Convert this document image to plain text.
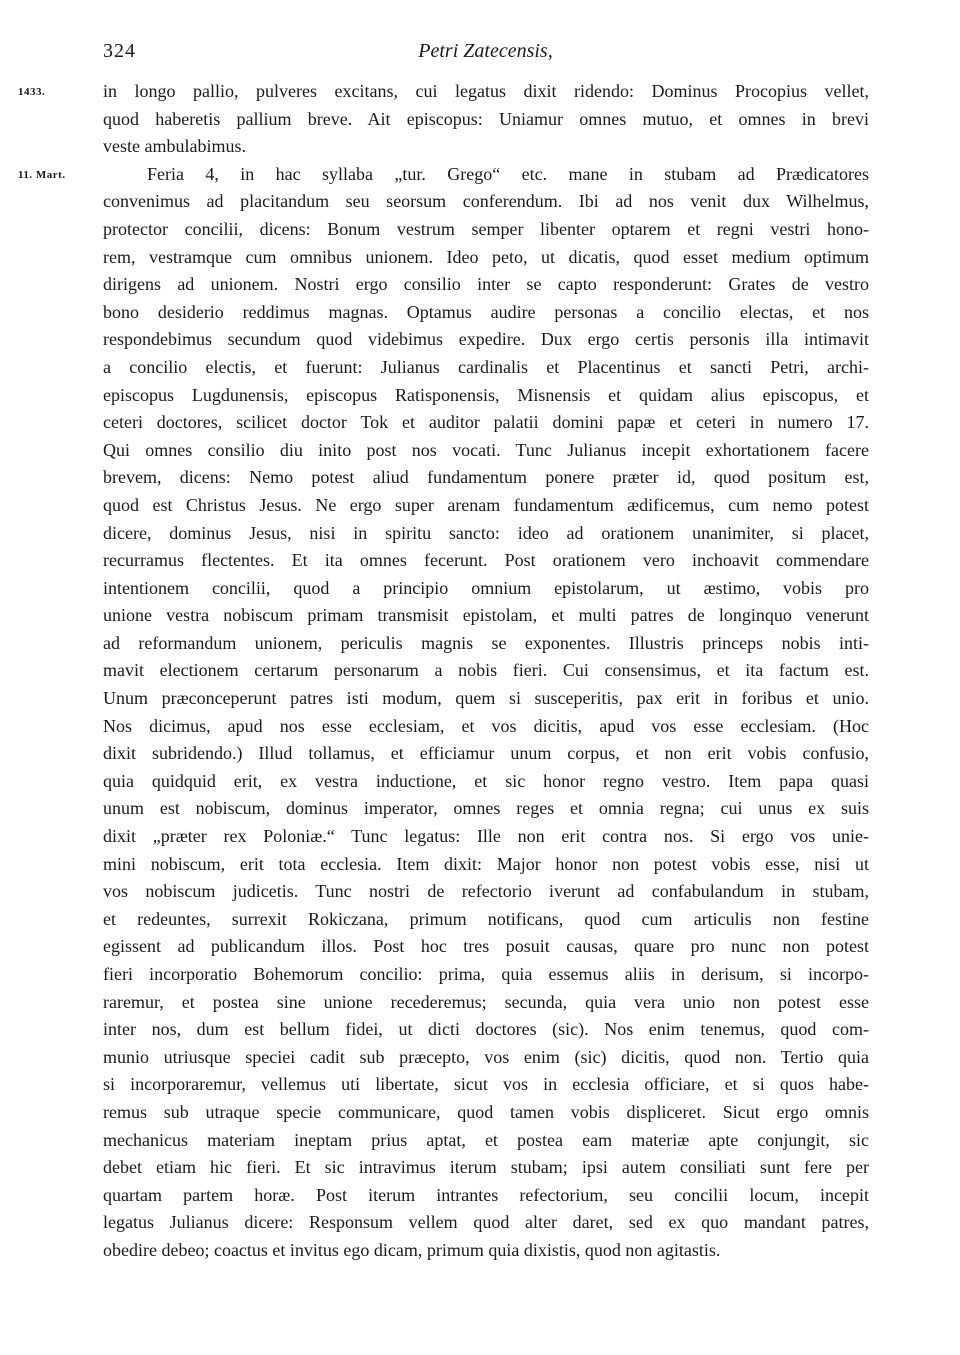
324	Petri Zatecensis,
1433.
11. Mart.
in longo pallio, pulveres excitans, cui legatus dixit ridendo: Dominus Procopius vellet,
quod haberetis pallium breve. Ait episcopus: Uniamur omnes mutuo, et omnes in brevi
veste ambulabimus.
Feria 4, in hac syllaba „tur. Grego“ etc. mane in stubam ad Prædicatores
convenimus ad placitandum seu seorsum conferendum. Ibi ad nos venit dux Wilhelmus,
protector concilii, dicens: Bonum vestrum semper libenter optarem et regni vestri hono-
rem, vestramque cum omnibus unionem. Ideo peto, ut dicatis, quod esset medium optimum
dirigens ad unionem. Nostri ergo consilio inter se capto responderunt: Grates de vestro
bono desiderio reddimus magnas. Optamus audire personas a concilio electas, et nos
respondebimus secundum quod videbimus expedire. Dux ergo certis personis illa intimavit
a concilio electis, et fuerunt: Julianus cardinalis et Placentinus et sancti Petri, archi-
episcopus Lugdunensis, episcopus Ratisponensis, Misnensis et quidam alius episcopus, et
ceteri doctores, scilicet doctor Tok et auditor palatii domini papæ et ceteri in numero 17.
Qui omnes consilio diu inito post nos vocati. Tunc Julianus incepit exhortationem facere
brevem, dicens: Nemo potest aliud fundamentum ponere præter id, quod positum est,
quod est Christus Jesus. Ne ergo super arenam fundamentum ædificemus, cum nemo potest
dicere, dominus Jesus, nisi in spiritu sancto: ideo ad orationem unanimiter, si placet,
recurramus flectentes. Et ita omnes fecerunt. Post orationem vero inchoavit commendare
intentionem concilii, quod a principio omnium epistolarum, ut æstimo, vobis pro
unione vestra nobiscum primam transmisit epistolam, et multi patres de longinquo venerunt
ad reformandum unionem, periculis magnis se exponentes. Illustris princeps nobis inti-
mavit electionem certarum personarum a nobis fieri. Cui consensimus, et ita factum est.
Unum præconceperunt patres isti modum, quem si susceperitis, pax erit in foribus et unio.
Nos dicimus, apud nos esse ecclesiam, et vos dicitis, apud vos esse ecclesiam. (Hoc
dixit subridendo.) Illud tollamus, et efficiamur unum corpus, et non erit vobis confusio,
quia quidquid erit, ex vestra inductione, et sic honor regno vestro. Item papa quasi
unum est nobiscum, dominus imperator, omnes reges et omnia regna; cui unus ex suis
dixit „præter rex Poloniæ.“ Tunc legatus: Ille non erit contra nos. Si ergo vos unie-
mini nobiscum, erit tota ecclesia. Item dixit: Major honor non potest vobis esse, nisi ut
vos nobiscum judicetis. Tunc nostri de refectorio iverunt ad confabulandum in stubam,
et redeuntes, surrexit Rokiczana, primum notificans, quod cum articulis non festine
egissent ad publicandum illos. Post hoc tres posuit causas, quare pro nunc non potest
fieri incorporatio Bohemorum concilio: prima, quia essemus aliis in derisum, si incorpo-
raremur, et postea sine unione recederemus; secunda, quia vera unio non potest esse
inter nos, dum est bellum fidei, ut dicti doctores (sic). Nos enim tenemus, quod com-
munio utriusque speciei cadit sub præcepto, vos enim (sic) dicitis, quod non. Tertio quia
si incorporaremur, vellemus uti libertate, sicut vos in ecclesia officiare, et si quos habe-
remus sub utraque specie communicare, quod tamen vobis displiceret. Sicut ergo omnis
mechanicus materiam ineptam prius aptat, et postea eam materiæ apte conjungit, sic
debet etiam hic fieri. Et sic intravimus iterum stubam; ipsi autem consiliati sunt fere per
quartam partem horæ. Post iterum intrantes refectorium, seu concilii locum, incepit
legatus Julianus dicere: Responsum vellem quod alter daret, sed ex quo mandant patres,
obedire debeo; coactus et invitus ego dicam, primum quia dixistis, quod non agitastis.
